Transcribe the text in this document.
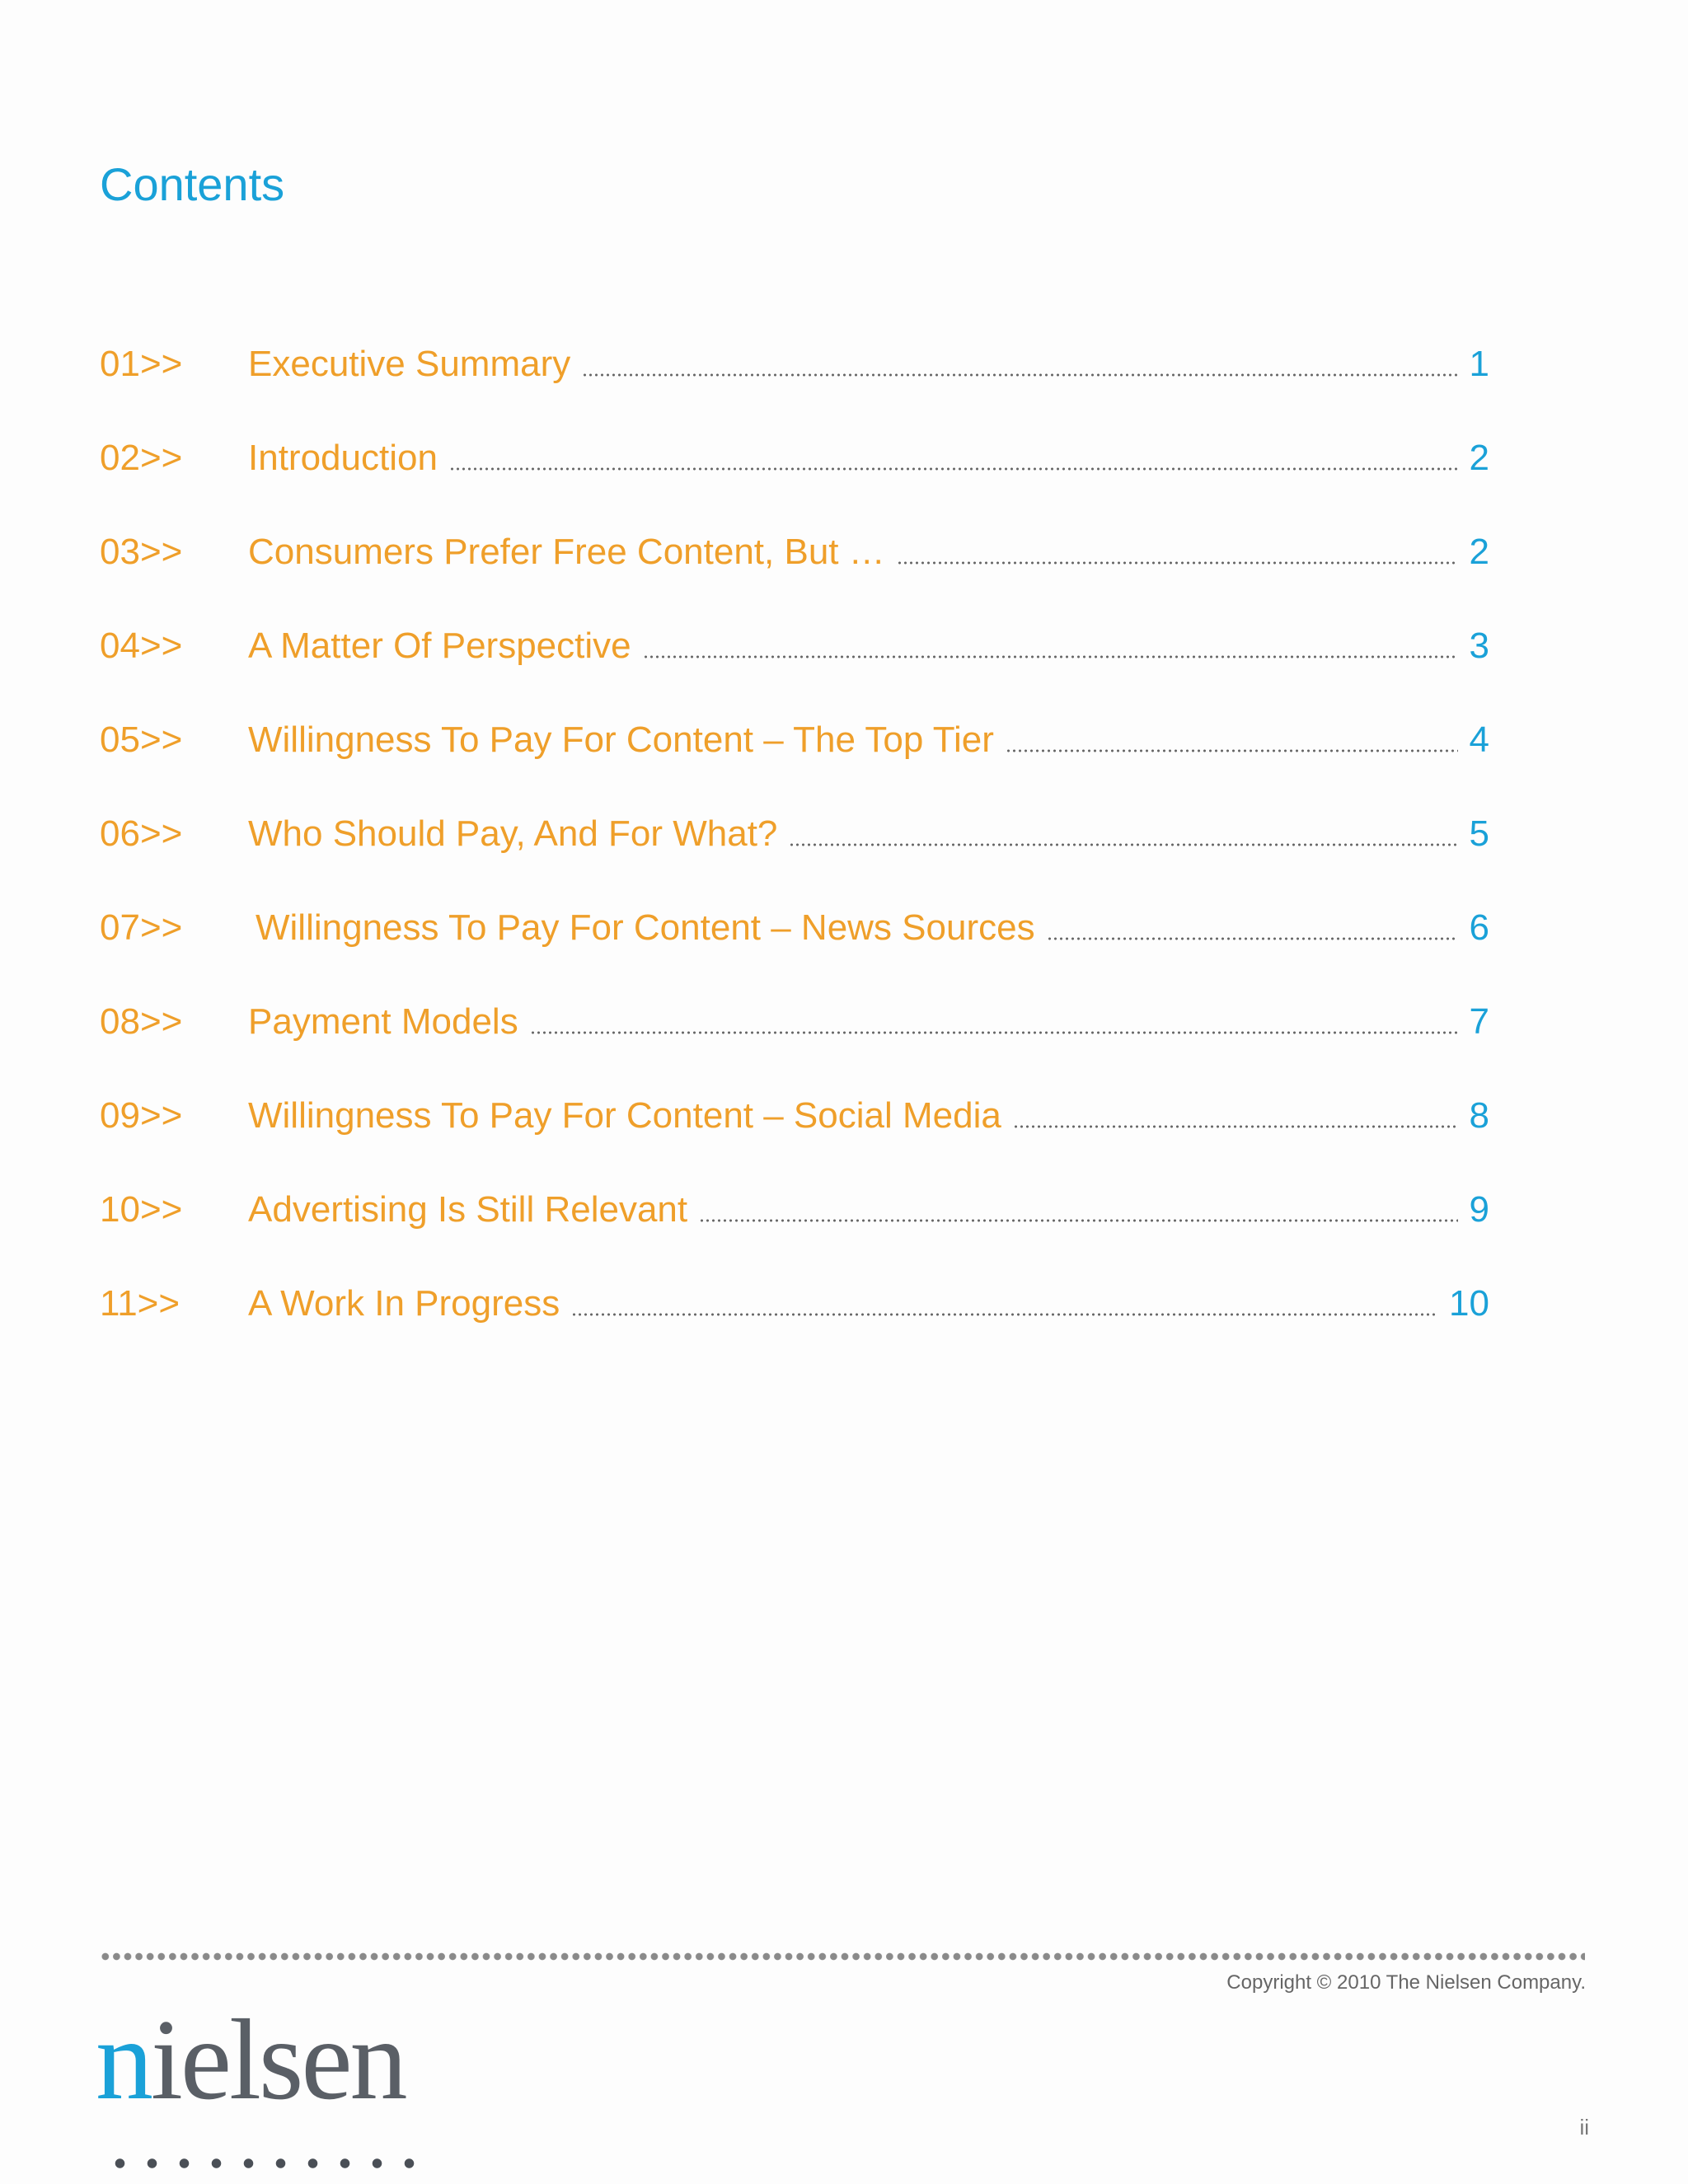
Contents
01>>	Executive Summary	1
02>>	Introduction	2
03>>	Consumers Prefer Free Content, But …	2
04>>	A Matter Of Perspective	3
05>>	Willingness To Pay For Content – The Top Tier	4
06>>	Who Should Pay, And For What?	5
07>>	Willingness To Pay For Content – News Sources	6
08>>	Payment Models	7
09>>	Willingness To Pay For Content – Social Media	8
10>>	Advertising Is Still Relevant	9
11>>	A Work In Progress	10
Copyright © 2010 The Nielsen Company.
nielsen
ii
